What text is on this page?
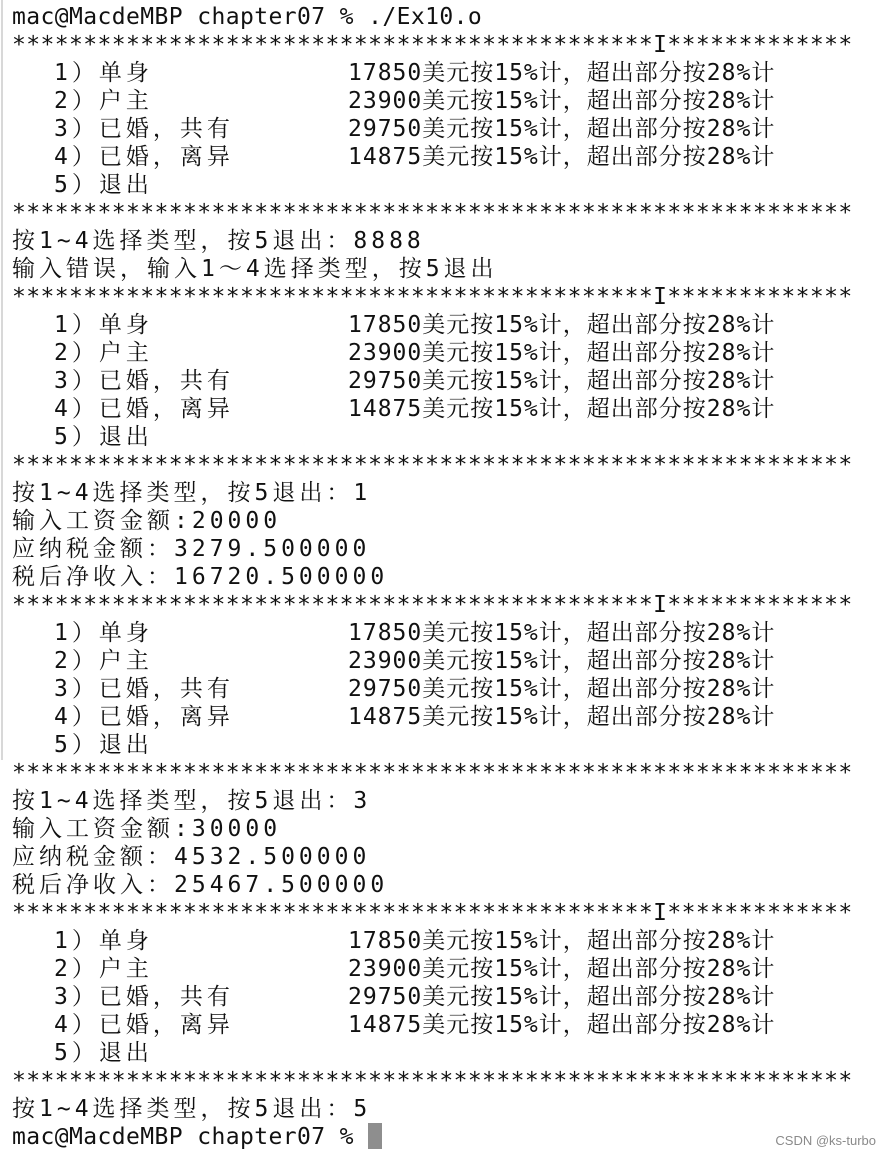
mac@MacdeMBP chapter07 % ./Ex10.o
*********************************************I*************
1）单身	17850美元按15%计，超出部分按28%计
2）户主	23900美元按15%计，超出部分按28%计
3）已婚，共有	29750美元按15%计，超出部分按28%计
4）已婚，离异	14875美元按15%计，超出部分按28%计
5）退出
***********************************************************
按1~4选择类型，按5退出：8888
输入错误，输入1～4选择类型，按5退出
*********************************************I*************
1）单身	17850美元按15%计，超出部分按28%计
2）户主	23900美元按15%计，超出部分按28%计
3）已婚，共有	29750美元按15%计，超出部分按28%计
4）已婚，离异	14875美元按15%计，超出部分按28%计
5）退出
***********************************************************
按1~4选择类型，按5退出：1
输入工资金额:20000
应纳税金额：3279.500000
税后净收入：16720.500000
*********************************************I*************
1）单身	17850美元按15%计，超出部分按28%计
2）户主	23900美元按15%计，超出部分按28%计
3）已婚，共有	29750美元按15%计，超出部分按28%计
4）已婚，离异	14875美元按15%计，超出部分按28%计
5）退出
***********************************************************
按1~4选择类型，按5退出：3
输入工资金额:30000
应纳税金额：4532.500000
税后净收入：25467.500000
*********************************************I*************
1）单身	17850美元按15%计，超出部分按28%计
2）户主	23900美元按15%计，超出部分按28%计
3）已婚，共有	29750美元按15%计，超出部分按28%计
4）已婚，离异	14875美元按15%计，超出部分按28%计
5）退出
***********************************************************
按1~4选择类型，按5退出：5
mac@MacdeMBP chapter07 %	CSDN @ks-turbo
